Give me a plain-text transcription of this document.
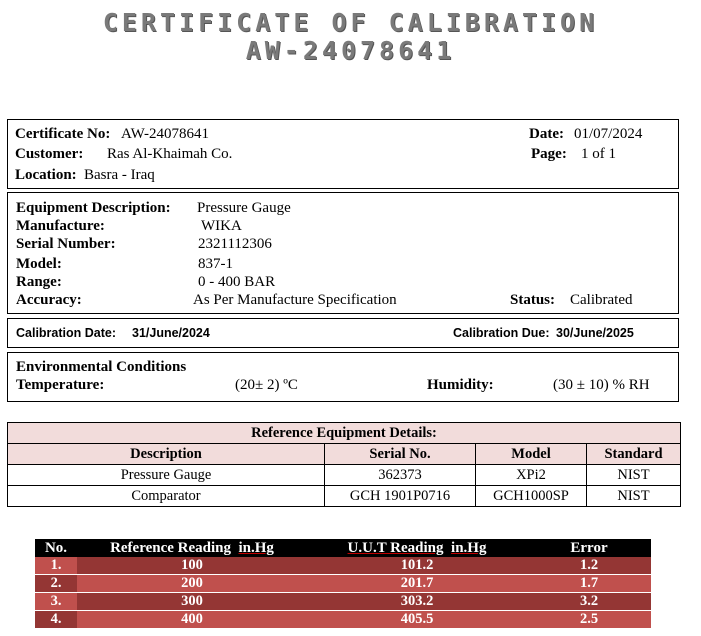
CERTIFICATE OF CALIBRATION
AW-24078641
Certificate No: AW-24078641
Customer: Ras Al-Khaimah Co.
Location: Basra - Iraq
Date: 01/07/2024
Page: 1 of 1
Equipment Description: Pressure Gauge
Manufacture:	WIKA
Serial Number:	2321112306
Model:	837-1
Range:	0 - 400 BAR
Accuracy:	As Per Manufacture Specification	Status: Calibrated
Calibration Date: 31/June/2024	Calibration Due: 30/June/2025
Environmental Conditions
Temperature:	(20± 2) ºC	Humidity:	(30 ± 10) % RH
Reference Equipment Details:			
Description	Serial No.	Model	Standard
Pressure Gauge	362373	XPi2	NIST
Comparator	GCH 1901P0716	GCH1000SP	NIST
No.	Reference Reading in.Hg	U.U.T Reading in.Hg	Error
1.	100	101.2	1.2
2.	200	201.7	1.7
3.	300	303.2	3.2
4.	400	405.5	2.5
